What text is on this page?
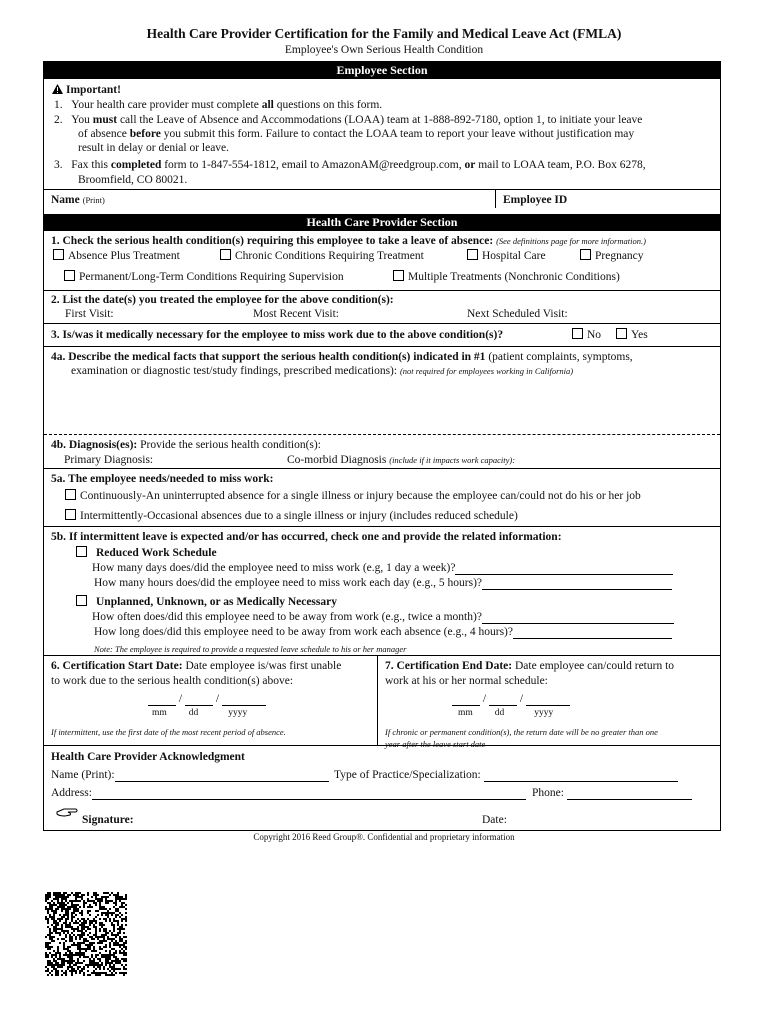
Health Care Provider Certification for the Family and Medical Leave Act (FMLA)
Employee's Own Serious Health Condition
Employee Section
Important!
1. Your health care provider must complete all questions on this form.
2. You must call the Leave of Absence and Accommodations (LOAA) team at 1-888-892-7180, option 1, to initiate your leave
of absence before you submit this form. Failure to contact the LOAA team to report your leave without justification may
result in delay or denial or leave.
3. Fax this completed form to 1-847-554-1812, email to AmazonAM@reedgroup.com, or mail to LOAA team, P.O. Box 6278,
Broomfield, CO 80021.
Name (Print)	Employee ID
Health Care Provider Section
1. Check the serious health condition(s) requiring this employee to take a leave of absence: (See definitions page for more information.)
Absence Plus Treatment	Chronic Conditions Requiring Treatment	Hospital Care	Pregnancy
Permanent/Long-Term Conditions Requiring Supervision	Multiple Treatments (Nonchronic Conditions)
2. List the date(s) you treated the employee for the above condition(s):
First Visit:	Most Recent Visit:	Next Scheduled Visit:
3. Is/was it medically necessary for the employee to miss work due to the above condition(s)?	No	Yes
4a. Describe the medical facts that support the serious health condition(s) indicated in #1 (patient complaints, symptoms,
examination or diagnostic test/study findings, prescribed medications): (not required for employees working in California)
4b. Diagnosis(es): Provide the serious health condition(s):
Primary Diagnosis:	Co-morbid Diagnosis (include if it impacts work capacity):
5a. The employee needs/needed to miss work:
Continuously-An uninterrupted absence for a single illness or injury because the employee can/could not do his or her job
Intermittently-Occasional absences due to a single illness or injury (includes reduced schedule)
5b. If intermittent leave is expected and/or has occurred, check one and provide the related information:
Reduced Work Schedule
How many days does/did the employee need to miss work (e.g, 1 day a week)?
How many hours does/did the employee need to miss work each day (e.g., 5 hours)?
Unplanned, Unknown, or as Medically Necessary
How often does/did this employee need to be away from work (e.g., twice a month)?
How long does/did this employee need to be away from work each absence (e.g., 4 hours)?
Note: The employee is required to provide a requested leave schedule to his or her manager
6. Certification Start Date: Date employee is/was first unable
to work due to the serious health condition(s) above:
/  /
mm dd	yyyy
If intermittent, use the first date of the most recent period of absence.
7. Certification End Date: Date employee can/could return to
work at his or her normal schedule:
/  /
mm dd	yyyy
If chronic or permanent condition(s), the return date will be no greater than one
year after the leave start date
Health Care Provider Acknowledgment
Name (Print):	Type of Practice/Specialization:
Address:	Phone:
Signature:	Date:
Copyright 2016 Reed Group®. Confidential and proprietary information
